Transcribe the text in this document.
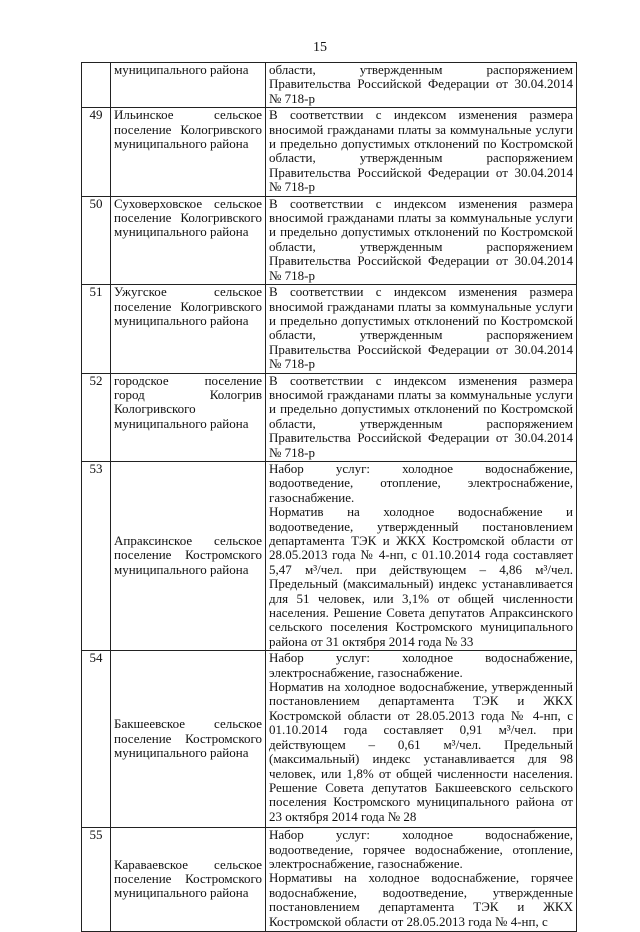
15
	муниципального района	области, утвержденным распоряжением Правительства Российской Федерации от 30.04.2014 № 718-р

49	Ильинское сельское поселение Кологривского муниципального района	В соответствии с индексом изменения размера вносимой гражданами платы за коммунальные услуги и предельно допустимых отклонений по Костромской области, утвержденным распоряжением Правительства Российской Федерации от 30.04.2014 № 718-р

50	Суховерховское сельское поселение Кологривского муниципального района	В соответствии с индексом изменения размера вносимой гражданами платы за коммунальные услуги и предельно допустимых отклонений по Костромской области, утвержденным распоряжением Правительства Российской Федерации от 30.04.2014 № 718-р

51	Ужугское сельское поселение Кологривского муниципального района	В соответствии с индексом изменения размера вносимой гражданами платы за коммунальные услуги и предельно допустимых отклонений по Костромской области, утвержденным распоряжением Правительства Российской Федерации от 30.04.2014 № 718-р

52	городское поселение город Кологрив Кологривского муниципального района	В соответствии с индексом изменения размера вносимой гражданами платы за коммунальные услуги и предельно допустимых отклонений по Костромской области, утвержденным распоряжением Правительства Российской Федерации от 30.04.2014 № 718-р

53	Апраксинское сельское поселение Костромского муниципального района	Набор услуг: холодное водоснабжение, водоотведение, отопление, электроснабжение, газоснабжение.
Норматив на холодное водоснабжение и водоотведение, утвержденный постановлением департамента ТЭК и ЖКХ Костромской области от 28.05.2013 года № 4-нп, с 01.10.2014 года составляет 5,47 м³/чел. при действующем – 4,86 м³/чел. Предельный (максимальный) индекс устанавливается для 51 человек, или 3,1% от общей численности населения. Решение Совета депутатов Апраксинского сельского поселения Костромского муниципального района от 31 октября 2014 года № 33

54	Бакшеевское сельское поселение Костромского муниципального района	Набор услуг: холодное водоснабжение, электроснабжение, газоснабжение.
Норматив на холодное водоснабжение, утвержденный постановлением департамента ТЭК и ЖКХ Костромской области от 28.05.2013 года № 4-нп, с 01.10.2014 года составляет 0,91 м³/чел. при действующем – 0,61 м³/чел. Предельный (максимальный) индекс устанавливается для 98 человек, или 1,8% от общей численности населения. Решение Совета депутатов Бакшеевского сельского поселения Костромского муниципального района от 23 октября 2014 года № 28

55	Караваевское сельское поселение Костромского муниципального района	Набор услуг: холодное водоснабжение, водоотведение, горячее водоснабжение, отопление, электроснабжение, газоснабжение.
Нормативы на холодное водоснабжение, горячее водоснабжение, водоотведение, утвержденные постановлением департамента ТЭК и ЖКХ Костромской области от 28.05.2013 года № 4-нп, с
